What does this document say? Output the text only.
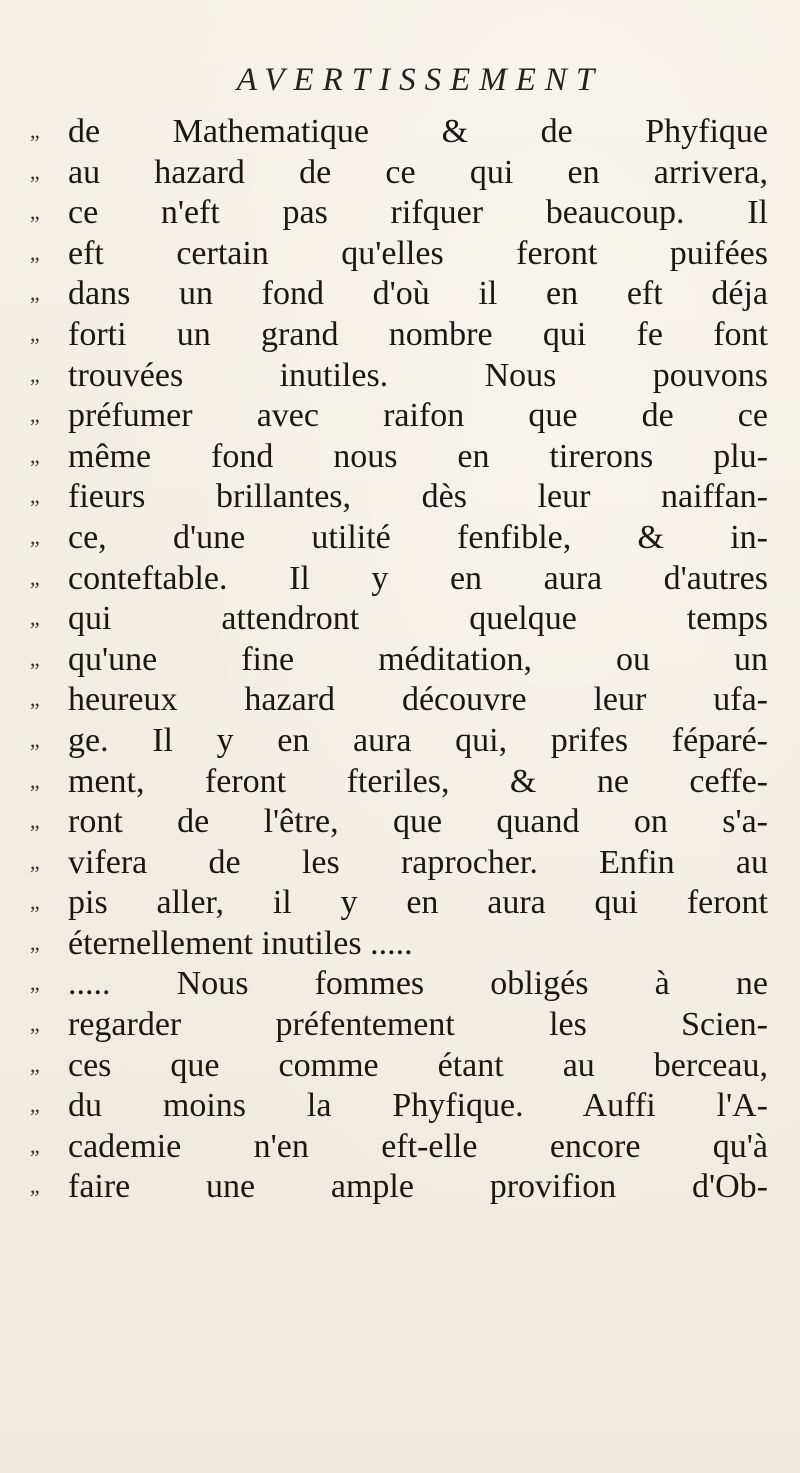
AVERTISSEMENT
,, de Mathematique & de Phyfique
,, au hazard de ce qui en arrivera,
,, ce n'eft pas rifquer beaucoup. Il
,, eft certain qu'elles feront puifées
,, dans un fond d'où il en eft déja
,, forti un grand nombre qui fe font
,, trouvées inutiles. Nous pouvons
,, préfumer avec raifon que de ce
,, même fond nous en tirerons plu-
,, fieurs brillantes, dès leur naiffan-
,, ce, d'une utilité fenfible, & in-
,, conteftable. Il y en aura d'autres
,, qui attendront quelque temps
,, qu'une fine méditation, ou un
,, heureux hazard découvre leur ufa-
,, ge. Il y en aura qui, prifes féparé-
,, ment, feront fteriles, & ne ceffe-
,, ront de l'être, que quand on s'a-
,, vifera de les raprocher. Enfin au
,, pis aller, il y en aura qui feront
,, éternellement inutiles .....
,, ..... Nous fommes obligés à ne
,, regarder préfentement les Scien-
,, ces que comme étant au berceau,
,, du moins la Phyfique. Auffi l'A-
,, cademie n'en eft-elle encore qu'à
,, faire une ample provifion d'Ob-
